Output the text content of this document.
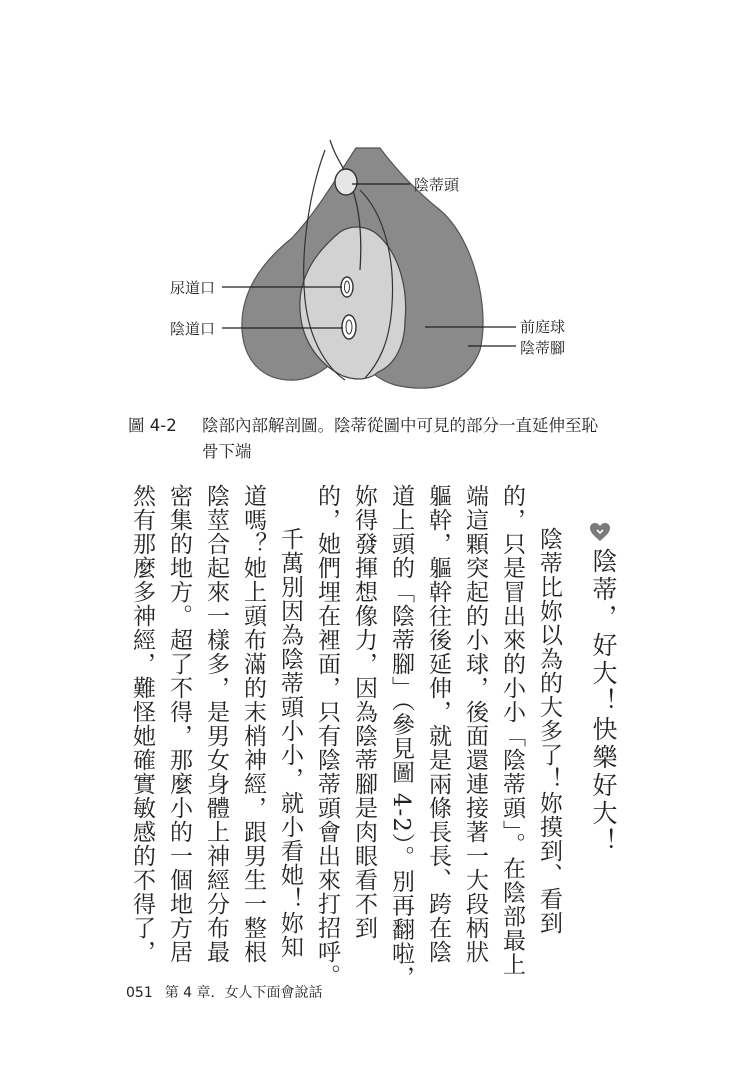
陰蒂頭
尿道口
陰道口	前庭球
陰蒂腳
圖 4-2 陰部內部解剖圖。陰蒂從圖中可見的部分一直延伸至恥
骨下端
陰蒂，好大！快樂好大！
陰蒂比妳以為的大多了！妳摸到、看到
的，只是冒出來的小小「陰蒂頭」。在陰部最上
端這顆突起的小球，後面還連接著一大段柄狀
軀幹，軀幹往後延伸，就是兩條長長、跨在陰
道上頭的「陰蒂腳」（參見圖 4-2）。別再翻啦，
妳得發揮想像力，因為陰蒂腳是肉眼看不到
的，她們埋在裡面，只有陰蒂頭會出來打招呼。
千萬別因為陰蒂頭小小，就小看她！妳知
道嗎？她上頭布滿的末梢神經，跟男生一整根
陰莖合起來一樣多，是男女身體上神經分布最
密集的地方。超了不得，那麼小的一個地方居
然有那麼多神經，難怪她確實敏感的不得了，
051 第 4 章．女人下面會說話
